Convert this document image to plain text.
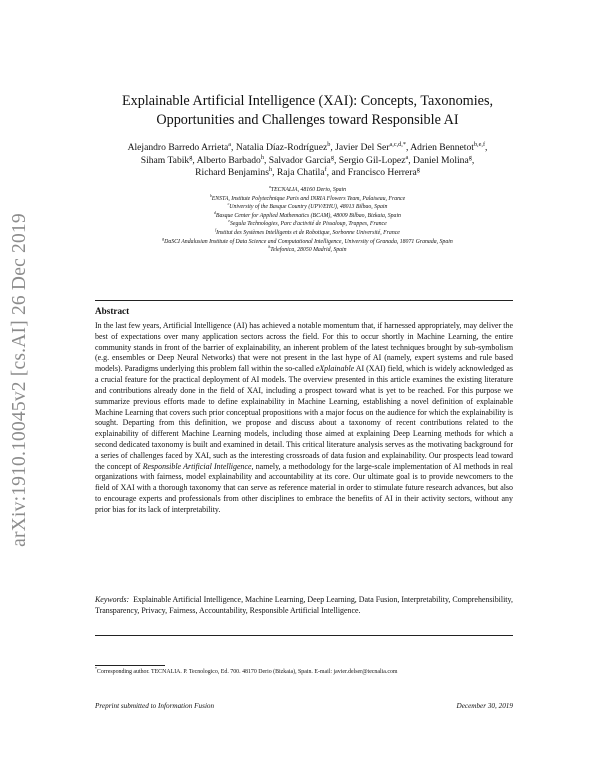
arXiv:1910.10045v2 [cs.AI] 26 Dec 2019
Explainable Artificial Intelligence (XAI): Concepts, Taxonomies,
Opportunities and Challenges toward Responsible AI
Alejandro Barredo Arrieta$^a$, Natalia Díaz-Rodríguez$^b$, Javier Del Ser$^{a,c,d,*}$, Adrien Bennetot$^{b,e,f}$,
Siham Tabik$^g$, Alberto Barbado$^h$, Salvador Garcia$^g$, Sergio Gil-Lopez$^a$, Daniel Molina$^g$,
Richard Benjamins$^h$, Raja Chatila$^f$, and Francisco Herrera$^g$
$^a$TECNALIA, 48160 Derio, Spain
$^b$ENSTA, Institute Polytechnique Paris and INRIA Flowers Team, Palaiseau, France
$^c$University of the Basque Country (UPV/EHU), 48013 Bilbao, Spain
$^d$Basque Center for Applied Mathematics (BCAM), 48009 Bilbao, Bizkaia, Spain
$^e$Segula Technologies, Parc d'activité de Pissaloup, Trappes, France
$^f$Institut des Systèmes Intelligents et de Robotique, Sorbonne Université, France
$^g$DaSCI Andalusian Institute of Data Science and Computational Intelligence, University of Granada, 18071 Granada, Spain
$^h$Telefonica, 28050 Madrid, Spain
Abstract
In the last few years, Artificial Intelligence (AI) has achieved a notable momentum that, if harnessed appropriately, may deliver the best of expectations over many application sectors across the field. For this to occur shortly in Machine Learning, the entire community stands in front of the barrier of explainability, an inherent problem of the latest techniques brought by sub-symbolism (e.g. ensembles or Deep Neural Networks) that were not present in the last hype of AI (namely, expert systems and rule based models). Paradigms underlying this problem fall within the so-called eXplainable AI (XAI) field, which is widely acknowledged as a crucial feature for the practical deployment of AI models. The overview presented in this article examines the existing literature and contributions already done in the field of XAI, including a prospect toward what is yet to be reached. For this purpose we summarize previous efforts made to define explainability in Machine Learning, establishing a novel definition of explainable Machine Learning that covers such prior conceptual propositions with a major focus on the audience for which the explainability is sought. Departing from this definition, we propose and discuss about a taxonomy of recent contributions related to the explainability of different Machine Learning models, including those aimed at explaining Deep Learning methods for which a second dedicated taxonomy is built and examined in detail. This critical literature analysis serves as the motivating background for a series of challenges faced by XAI, such as the interesting crossroads of data fusion and explainability. Our prospects lead toward the concept of Responsible Artificial Intelligence, namely, a methodology for the large-scale implementation of AI methods in real organizations with fairness, model explainability and accountability at its core. Our ultimate goal is to provide newcomers to the field of XAI with a thorough taxonomy that can serve as reference material in order to stimulate future research advances, but also to encourage experts and professionals from other disciplines to embrace the benefits of AI in their activity sectors, without any prior bias for its lack of interpretability.
Keywords: Explainable Artificial Intelligence, Machine Learning, Deep Learning, Data Fusion, Interpretability, Comprehensibility, Transparency, Privacy, Fairness, Accountability, Responsible Artificial Intelligence.
*Corresponding author. TECNALIA. P. Tecnologico, Ed. 700. 48170 Derio (Bizkaia), Spain. E-mail: javier.delser@tecnalia.com
Preprint submitted to Information Fusion	December 30, 2019
